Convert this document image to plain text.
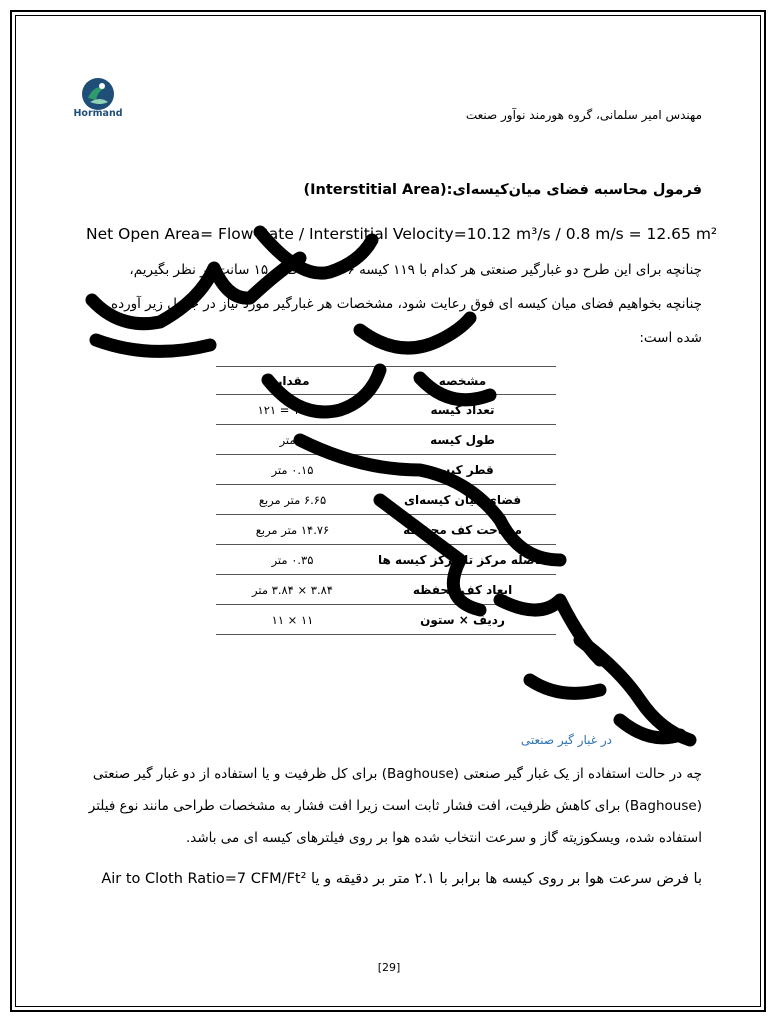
Hormand	مهندس امیر سلمانی، گروه هورمند نوآور صنعت
فرمول محاسبه فضای میان‌کیسه‌ای:(Interstitial Area)
Net Open Area= Flow Rate / Interstitial Velocity=10.12 m³/s / 0.8 m/s = 12.65 m²
چنانچه برای این طرح دو غبارگیر صنعتی هر کدام با ۱۱۹ کیسه ۶ متری با قطر ۱۵ سانت در نظر بگیریم،
چنانچه بخواهیم فضای میان کیسه ای فوق رعایت شود، مشخصات هر غبارگیر مورد نیاز در جدول زیر آورده
شده است:
مشخصه	مقدار
تعداد کیسه	۱۱۹+۲ = ۱۲۱
طول کیسه	۶ متر
قطر کیسه	۰.۱۵ متر
فضای میان کیسه‌ای	۶.۶۵ متر مربع
مساحت کف محفظه	۱۴.۷۶ متر مربع
فاصله مرکز تا مرکز کیسه ها	۰.۳۵ متر
ابعاد کف محفظه	۳.۸۴ × ۳.۸۴ متر
ردیف × ستون	۱۱ × ۱۱
در غبار گیر صنعتی
چه در حالت استفاده از یک غبار گیر صنعتی (Baghouse) برای کل ظرفیت و یا استفاده از دو غبار گیر صنعتی
(Baghouse) برای کاهش ظرفیت، افت فشار ثابت است زیرا افت فشار به مشخصات طراحی مانند نوع فیلتر
استفاده شده، ویسکوزیته گاز و سرعت انتخاب شده هوا بر روی فیلترهای کیسه ای می باشد.
با فرض سرعت هوا بر روی کیسه ها برابر با ۲.۱ متر بر دقیقه و یا Air to Cloth Ratio=7 CFM/Ft²
[29]
